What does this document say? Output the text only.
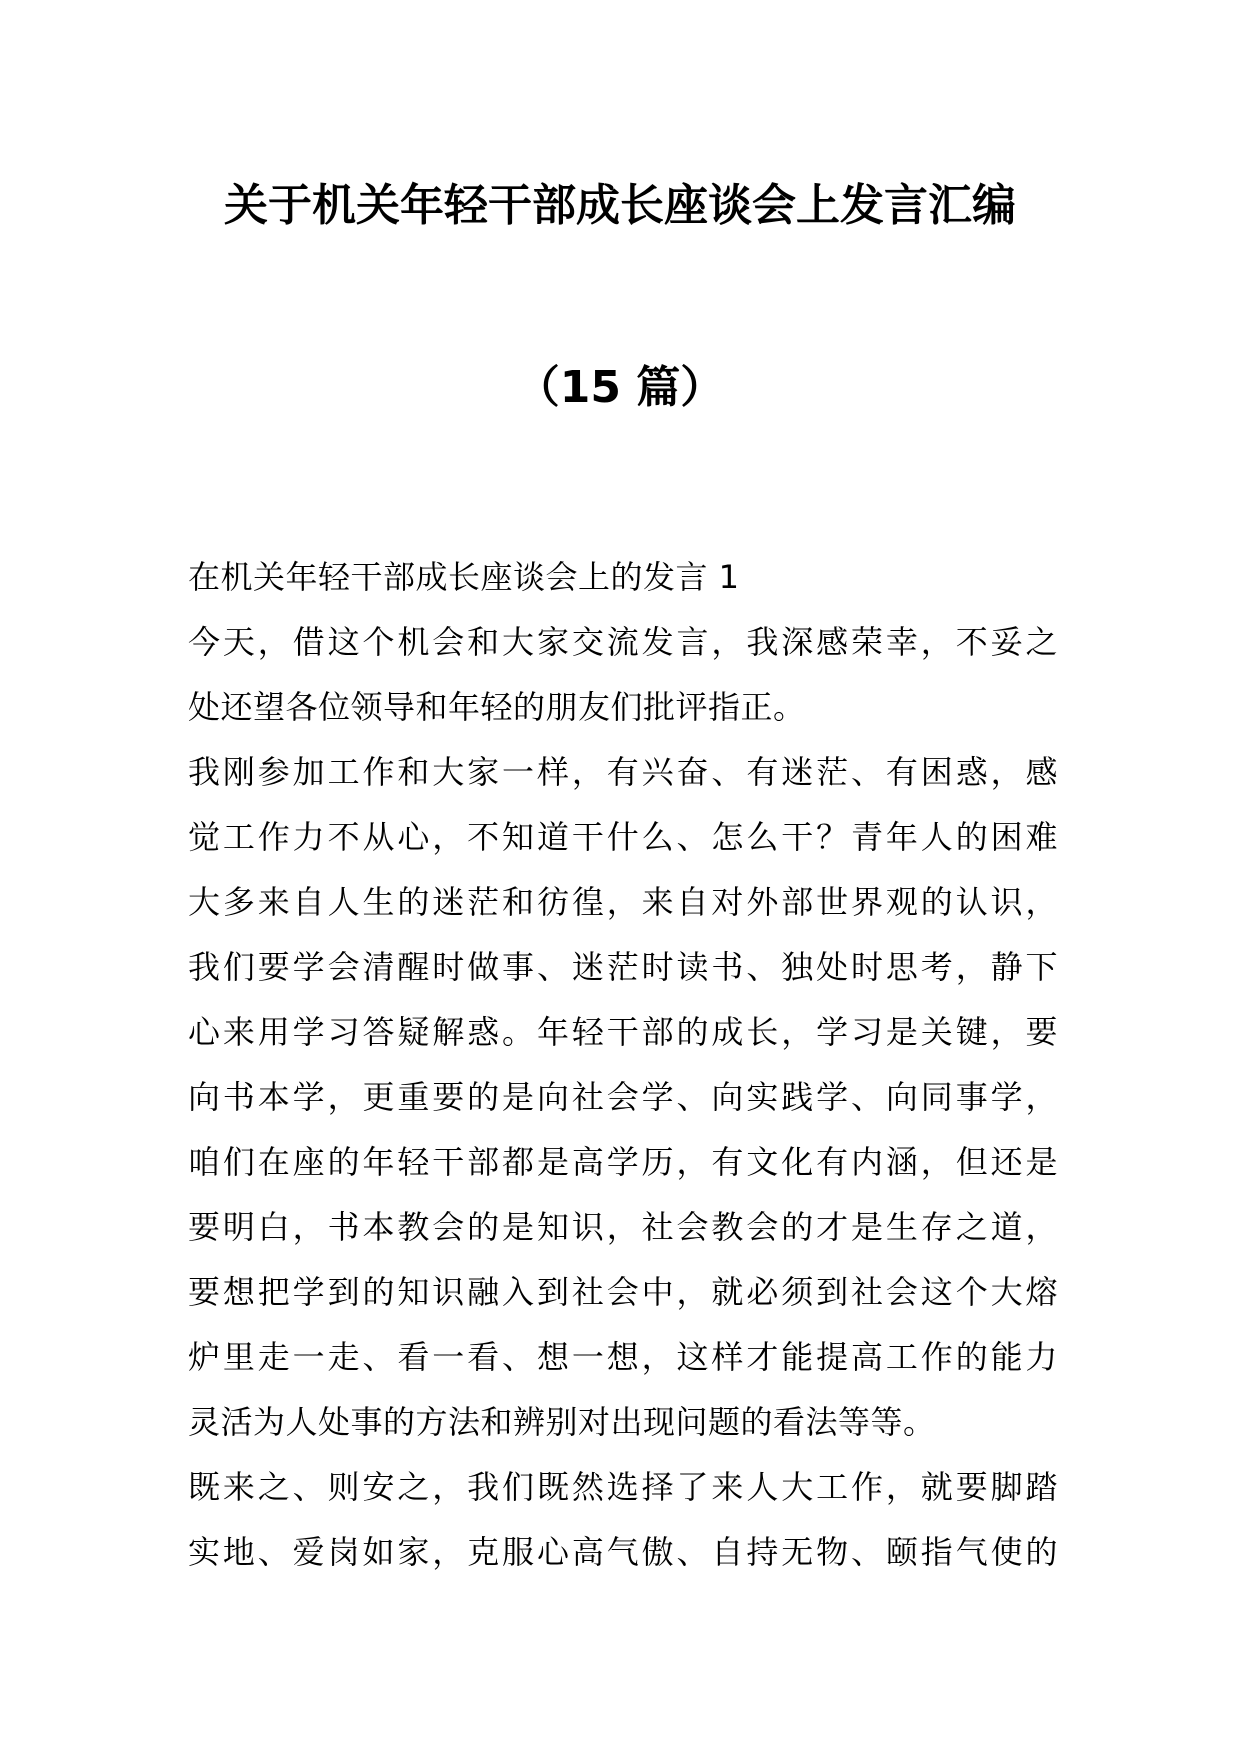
关于机关年轻干部成长座谈会上发言汇编
（15 篇）
在机关年轻干部成长座谈会上的发言 1
今天，借这个机会和大家交流发言，我深感荣幸，不妥之
处还望各位领导和年轻的朋友们批评指正。
我刚参加工作和大家一样，有兴奋、有迷茫、有困惑，感
觉工作力不从心，不知道干什么、怎么干？青年人的困难
大多来自人生的迷茫和彷徨，来自对外部世界观的认识，
我们要学会清醒时做事、迷茫时读书、独处时思考，静下
心来用学习答疑解惑。年轻干部的成长，学习是关键，要
向书本学，更重要的是向社会学、向实践学、向同事学，
咱们在座的年轻干部都是高学历，有文化有内涵，但还是
要明白，书本教会的是知识，社会教会的才是生存之道，
要想把学到的知识融入到社会中，就必须到社会这个大熔
炉里走一走、看一看、想一想，这样才能提高工作的能力
灵活为人处事的方法和辨别对出现问题的看法等等。
既来之、则安之，我们既然选择了来人大工作，就要脚踏
实地、爱岗如家，克服心高气傲、自持无物、颐指气使的
